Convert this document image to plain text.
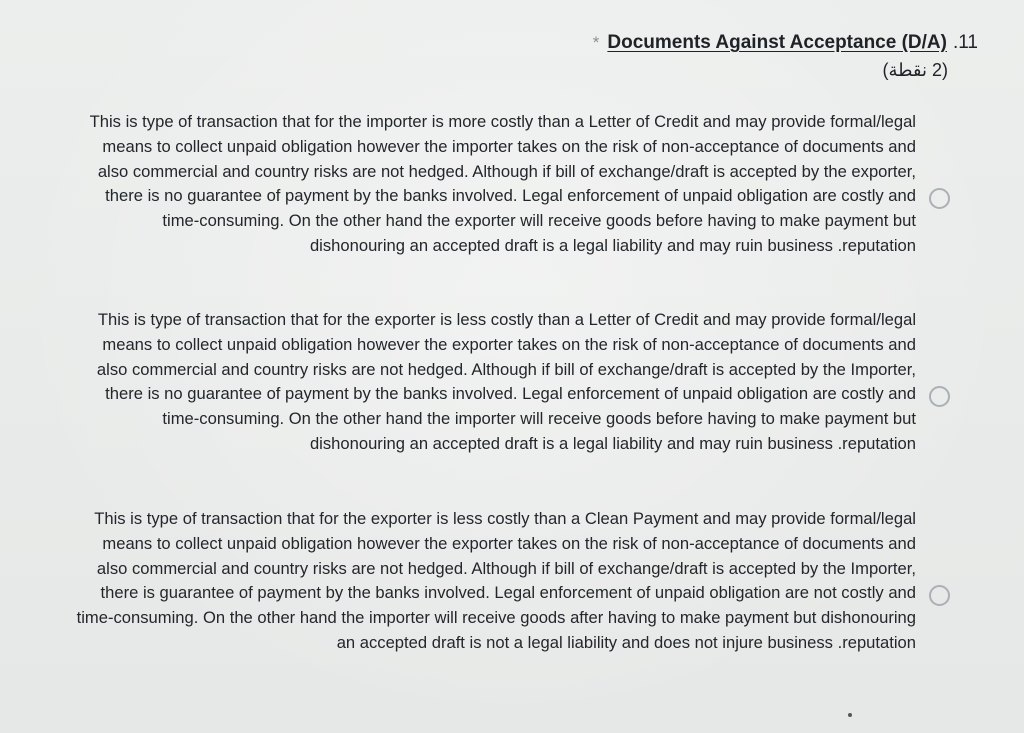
* Documents Against Acceptance (D/A) .11
(2 نقطة)
This is type of transaction that for the importer is more costly than a Letter of Credit and may provide formal/legal means to collect unpaid obligation however the importer takes on the risk of non-acceptance of documents and also commercial and country risks are not hedged. Although if bill of exchange/draft is accepted by the exporter, there is no guarantee of payment by the banks involved. Legal enforcement of unpaid obligation are costly and time-consuming. On the other hand the exporter will receive goods before having to make payment but dishonouring an accepted draft is a legal liability and may ruin business .reputation
This is type of transaction that for the exporter is less costly than a Letter of Credit and may provide formal/legal means to collect unpaid obligation however the exporter takes on the risk of non-acceptance of documents and also commercial and country risks are not hedged. Although if bill of exchange/draft is accepted by the Importer, there is no guarantee of payment by the banks involved. Legal enforcement of unpaid obligation are costly and time-consuming. On the other hand the importer will receive goods before having to make payment but dishonouring an accepted draft is a legal liability and may ruin business .reputation
This is type of transaction that for the exporter is less costly than a Clean Payment and may provide formal/legal means to collect unpaid obligation however the exporter takes on the risk of non-acceptance of documents and also commercial and country risks are not hedged. Although if bill of exchange/draft is accepted by the Importer, there is guarantee of payment by the banks involved. Legal enforcement of unpaid obligation are not costly and time-consuming. On the other hand the importer will receive goods after having to make payment but dishonouring an accepted draft is not a legal liability and does not injure business .reputation
